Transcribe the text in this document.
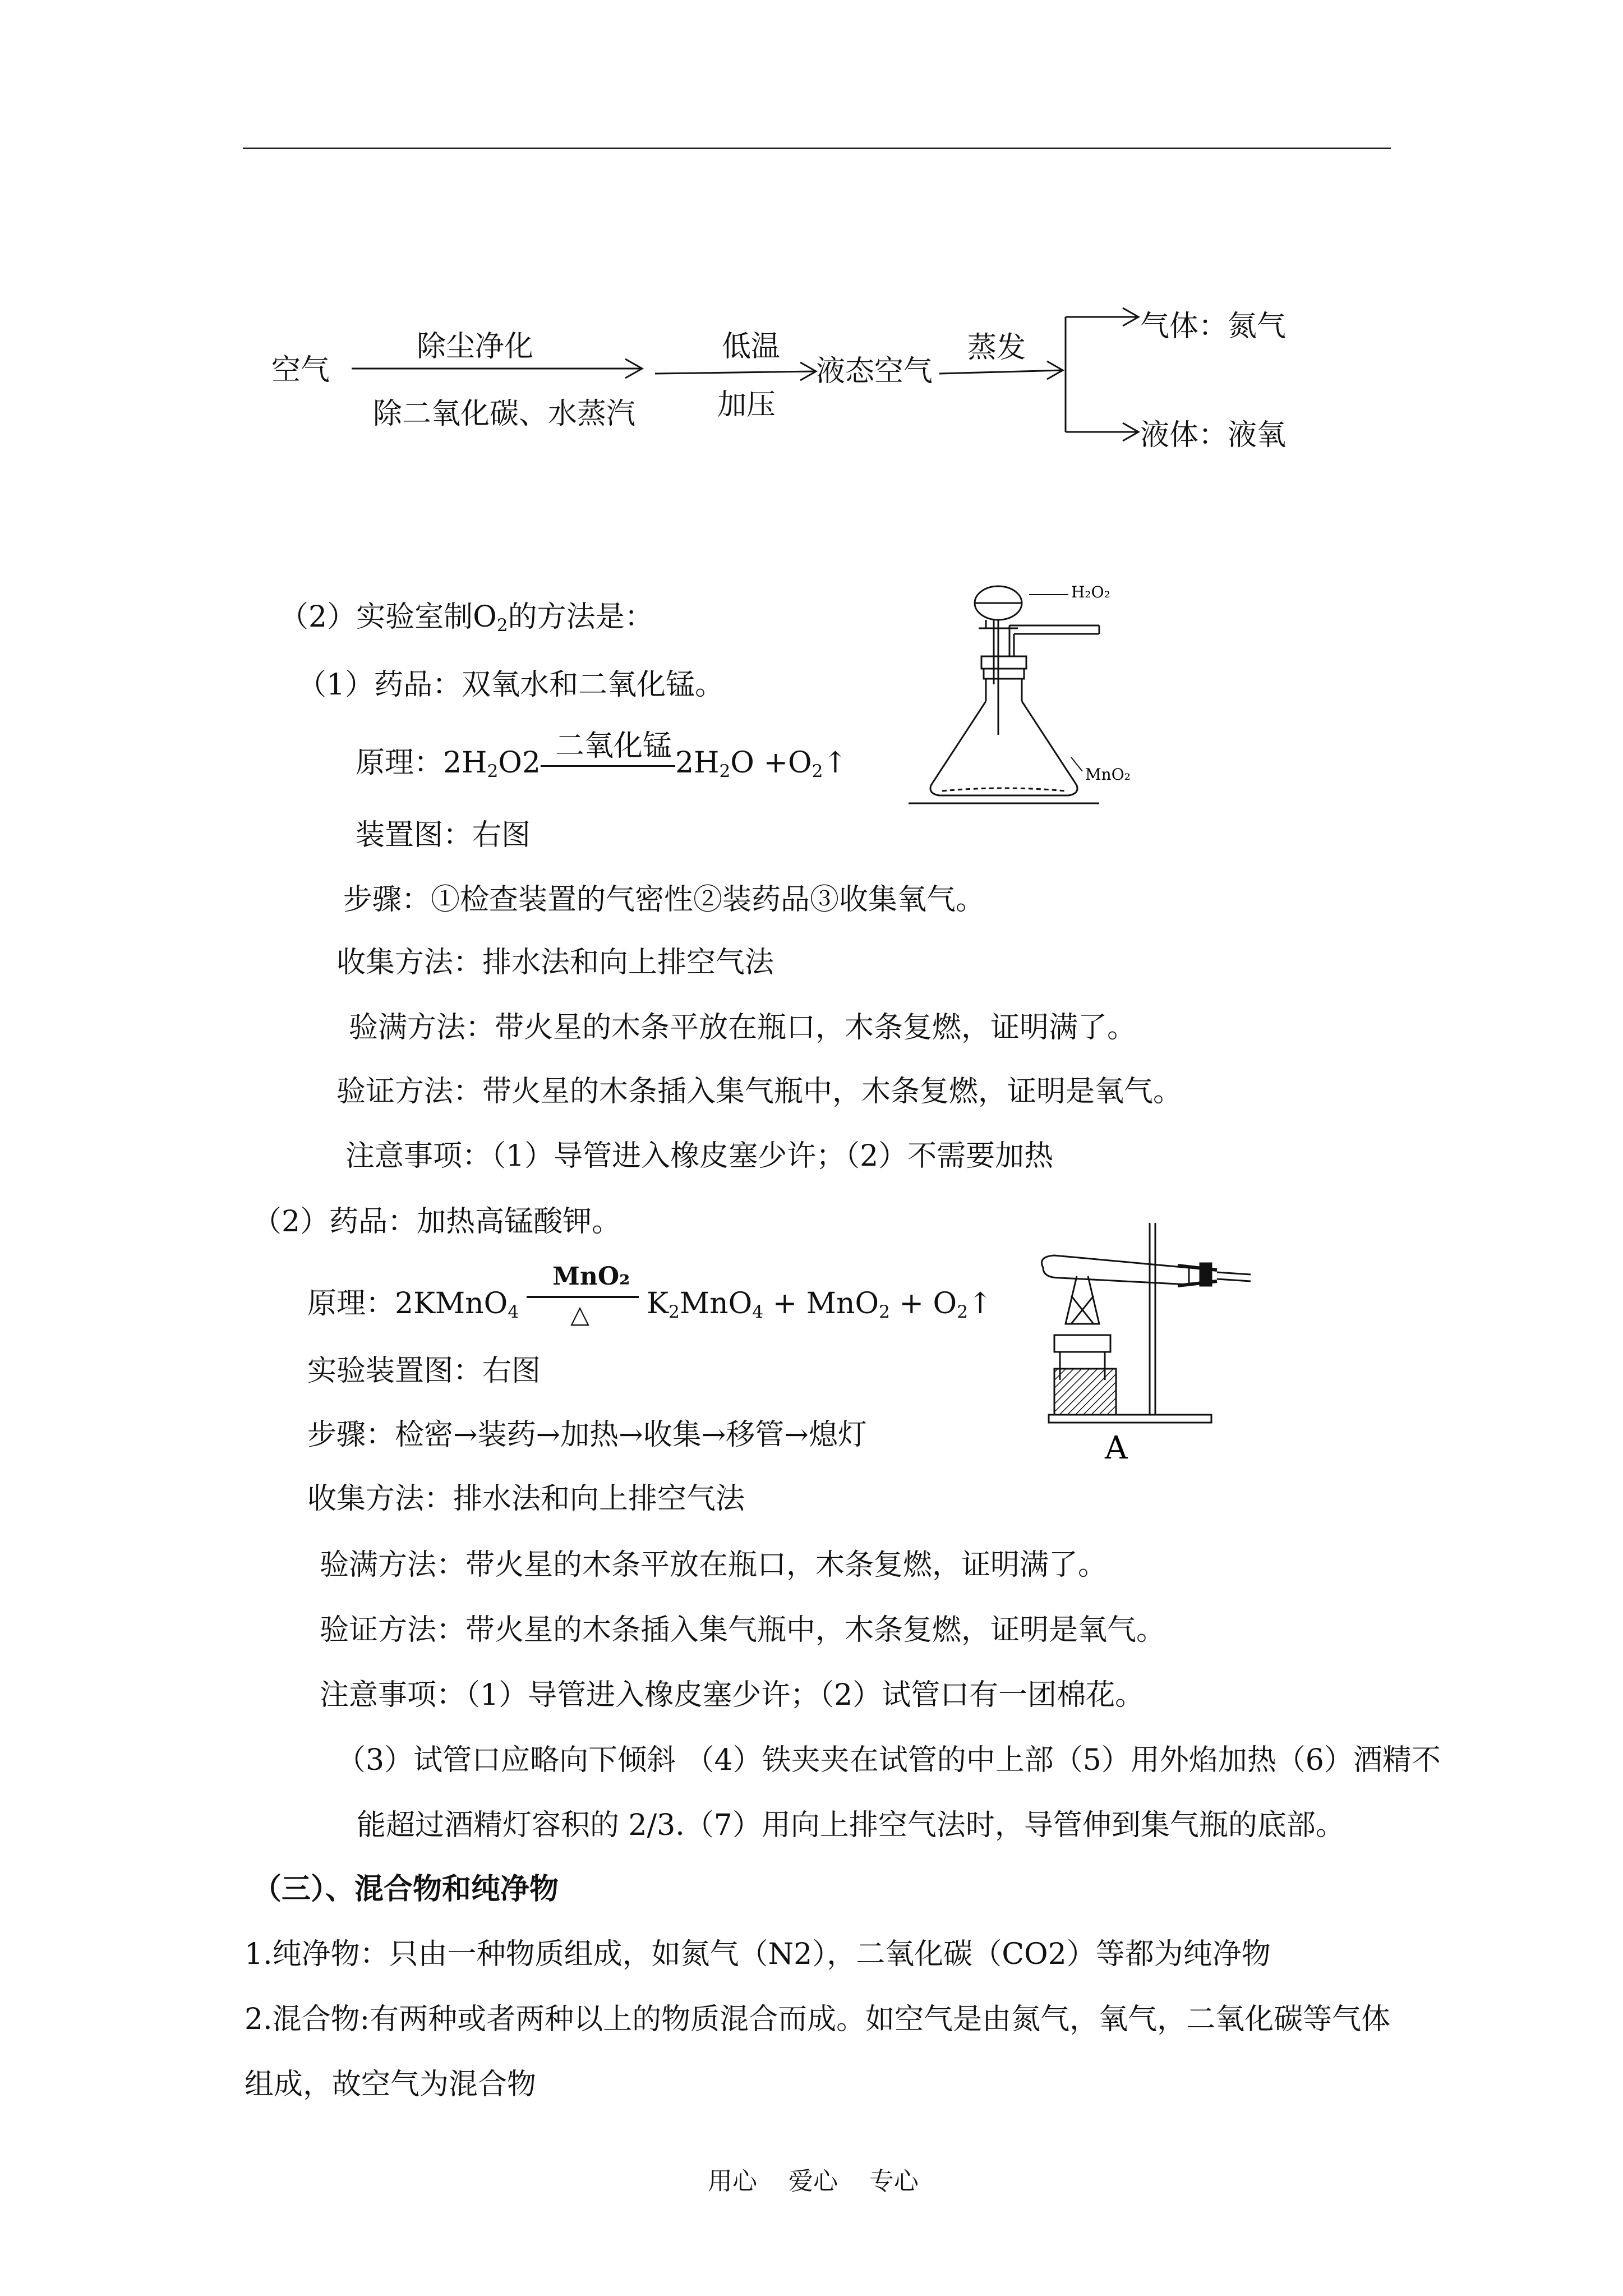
空气
除尘净化
除二氧化碳、水蒸汽
低温
加压
液态空气
蒸发
气体：氮气
液体：液氧
（2）实验室制$O_2$的方法是：
（1）药品：双氧水和二氧化锰。
原理：$2H_2O2$ 二氧化锰 $2H_2O$ $+O_2↑$
装置图：右图
步骤：①检查装置的气密性②装药品③收集氧气。
收集方法：排水法和向上排空气法
验满方法：带火星的木条平放在瓶口，木条复燃，证明满了。
验证方法：带火星的木条插入集气瓶中，木条复燃，证明是氧气。
注意事项：（1）导管进入橡皮塞少许；（2）不需要加热
H₂O₂
MnO₂
（2）药品：加热高锰酸钾。
原理：2KMnO$_4$
MnO₂
△ $K_2MnO_4 + MnO_2$ + $O_2↑$
实验装置图：右图
步骤：检密→装药→加热→收集→移管→熄灯
收集方法：排水法和向上排空气法
验满方法：带火星的木条平放在瓶口，木条复燃，证明满了。
验证方法：带火星的木条插入集气瓶中，木条复燃，证明是氧气。
注意事项：（1）导管进入橡皮塞少许；（2）试管口有一团棉花。
（3）试管口应略向下倾斜 （4）铁夹夹在试管的中上部（5）用外焰加热（6）酒精不
能超过酒精灯容积的 2/3.（7）用向上排空气法时，导管伸到集气瓶的底部。
A
（三）、混合物和纯净物
1.纯净物：只由一种物质组成，如氮气（N2），二氧化碳（CO2）等都为纯净物
2.混合物:有两种或者两种以上的物质混合而成。如空气是由氮气，氧气，二氧化碳等气体
组成，故空气为混合物
用心    爱心    专心
